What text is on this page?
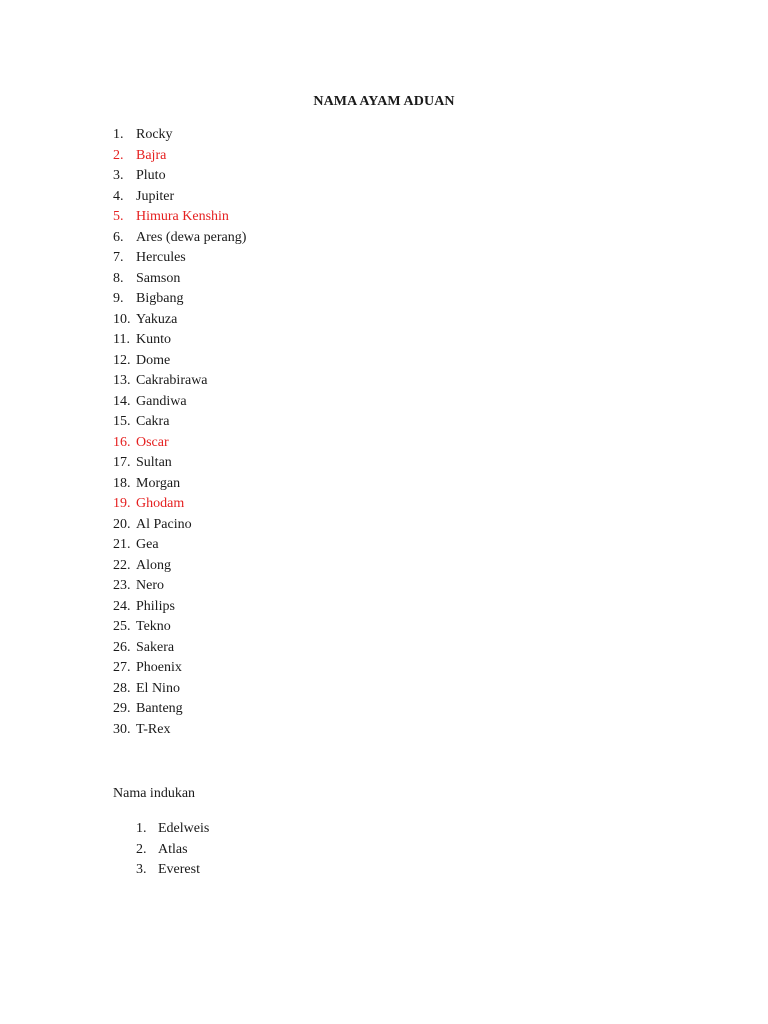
NAMA AYAM ADUAN
1. Rocky
2. Bajra
3. Pluto
4. Jupiter
5. Himura Kenshin
6. Ares (dewa perang)
7. Hercules
8. Samson
9. Bigbang
10. Yakuza
11. Kunto
12. Dome
13. Cakrabirawa
14. Gandiwa
15. Cakra
16. Oscar
17. Sultan
18. Morgan
19. Ghodam
20. Al Pacino
21. Gea
22. Along
23. Nero
24. Philips
25. Tekno
26. Sakera
27. Phoenix
28. El Nino
29. Banteng
30. T-Rex
Nama indukan
1. Edelweis
2. Atlas
3. Everest
